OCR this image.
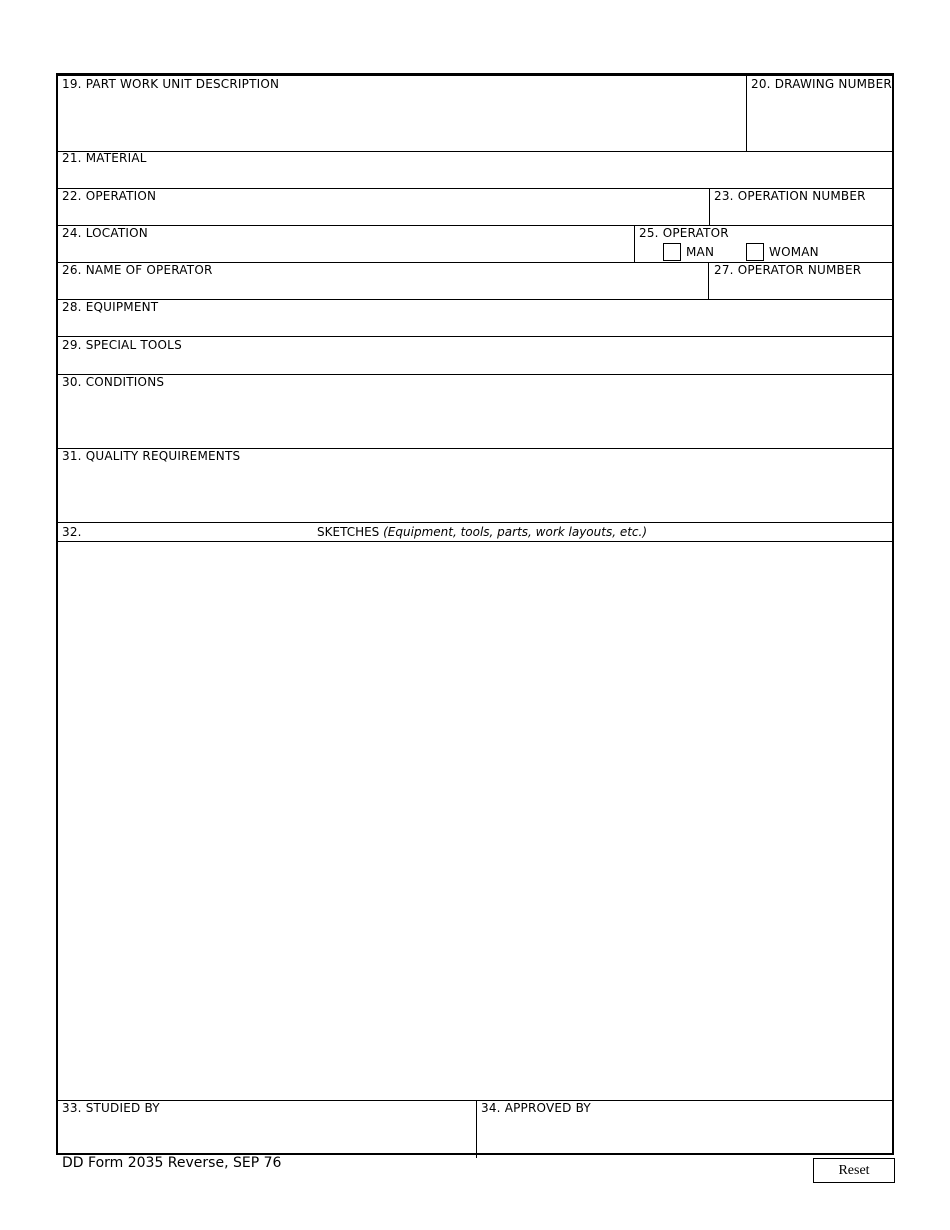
19. PART WORK UNIT DESCRIPTION	20. DRAWING NUMBER
21. MATERIAL
22. OPERATION	23. OPERATION NUMBER
24. LOCATION	25. OPERATOR
MAN	WOMAN
26. NAME OF OPERATOR	27. OPERATOR NUMBER
28. EQUIPMENT
29. SPECIAL TOOLS
30. CONDITIONS
31. QUALITY REQUIREMENTS
32.	SKETCHES (Equipment, tools, parts, work layouts, etc.)
33. STUDIED BY	34. APPROVED BY
DD Form 2035 Reverse, SEP 76	Reset
